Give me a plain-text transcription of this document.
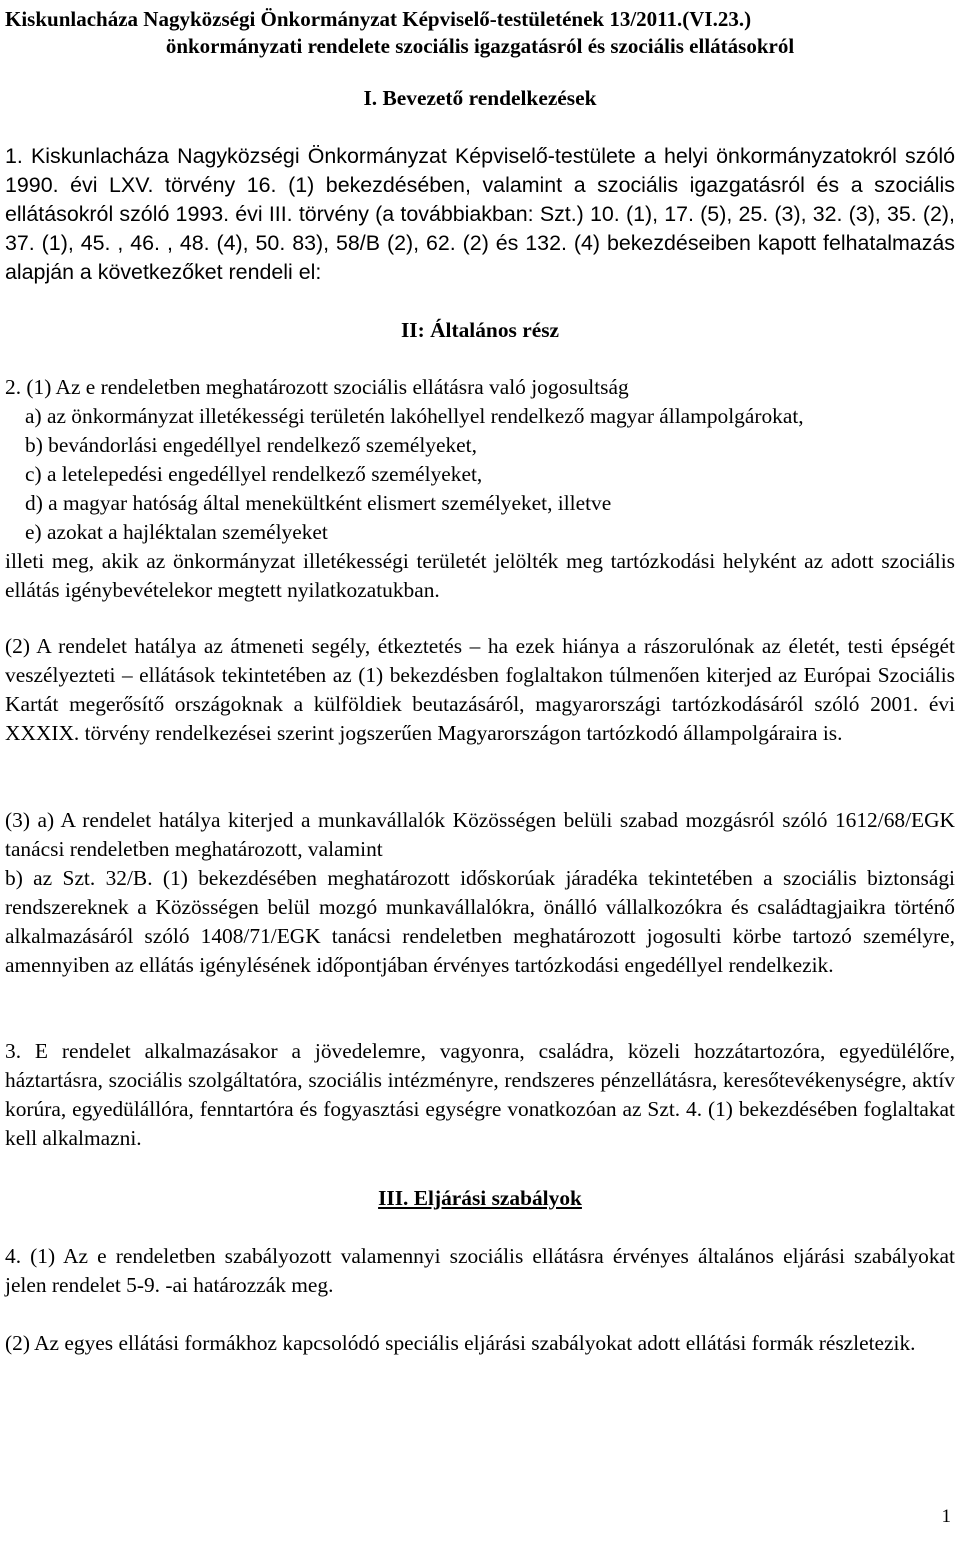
Kiskunlacháza Nagyközségi Önkormányzat Képviselő-testületének 13/2011.(VI.23.)
önkormányzati rendelete szociális igazgatásról és szociális ellátásokról
I. Bevezető rendelkezések
1. Kiskunlacháza Nagyközségi Önkormányzat Képviselő-testülete a helyi önkormányzatokról szóló 1990. évi LXV. törvény 16. (1) bekezdésében, valamint a szociális igazgatásról és a szociális ellátásokról szóló 1993. évi III. törvény (a továbbiakban: Szt.) 10. (1), 17. (5), 25. (3), 32. (3), 35. (2), 37. (1), 45. , 46. , 48. (4), 50. 83), 58/B (2), 62. (2) és 132. (4) bekezdéseiben kapott felhatalmazás alapján a következőket rendeli el:
II: Általános rész

2. (1) Az e rendeletben meghatározott szociális ellátásra való jogosultság

a) az önkormányzat illetékességi területén lakóhellyel rendelkező magyar állampolgárokat,

b) bevándorlási engedéllyel rendelkező személyeket,

c) a letelepedési engedéllyel rendelkező személyeket,

d) a magyar hatóság által menekültként elismert személyeket, illetve

e) azokat a hajléktalan személyeket

illeti meg, akik az önkormányzat illetékességi területét jelölték meg tartózkodási helyként az adott szociális ellátás igénybevételekor megtett nyilatkozatukban.

(2) A rendelet hatálya az átmeneti segély, étkeztetés – ha ezek hiánya a rászorulónak az életét, testi épségét veszélyezteti – ellátások tekintetében az (1) bekezdésben foglaltakon túlmenően kiterjed az Európai Szociális Kartát megerősítő országoknak a külföldiek beutazásáról, magyarországi tartózkodásáról szóló 2001. évi XXXIX. törvény rendelkezései szerint jogszerűen Magyarországon tartózkodó állampolgáraira is.

(3) a) A rendelet hatálya kiterjed a munkavállalók Közösségen belüli szabad mozgásról szóló 1612/68/EGK tanácsi rendeletben meghatározott, valamint

b) az Szt. 32/B. (1) bekezdésében meghatározott időskorúak járadéka tekintetében a szociális biztonsági rendszereknek a Közösségen belül mozgó munkavállalókra, önálló vállalkozókra és családtagjaikra történő alkalmazásáról szóló 1408/71/EGK tanácsi rendeletben meghatározott jogosulti körbe tartozó személyre, amennyiben az ellátás igénylésének időpontjában érvényes tartózkodási engedéllyel rendelkezik.

3. E rendelet alkalmazásakor a jövedelemre, vagyonra, családra, közeli hozzátartozóra, egyedülélőre, háztartásra, szociális szolgáltatóra, szociális intézményre, rendszeres pénzellátásra, keresőtevékenységre, aktív korúra, egyedülállóra, fenntartóra és fogyasztási egységre vonatkozóan az Szt. 4. (1) bekezdésében foglaltakat kell alkalmazni.
III. Eljárási szabályok
4. (1) Az e rendeletben szabályozott valamennyi szociális ellátásra érvényes általános eljárási szabályokat jelen rendelet 5-9. -ai határozzák meg.
(2) Az egyes ellátási formákhoz kapcsolódó speciális eljárási szabályokat adott ellátási formák részletezik.
1
